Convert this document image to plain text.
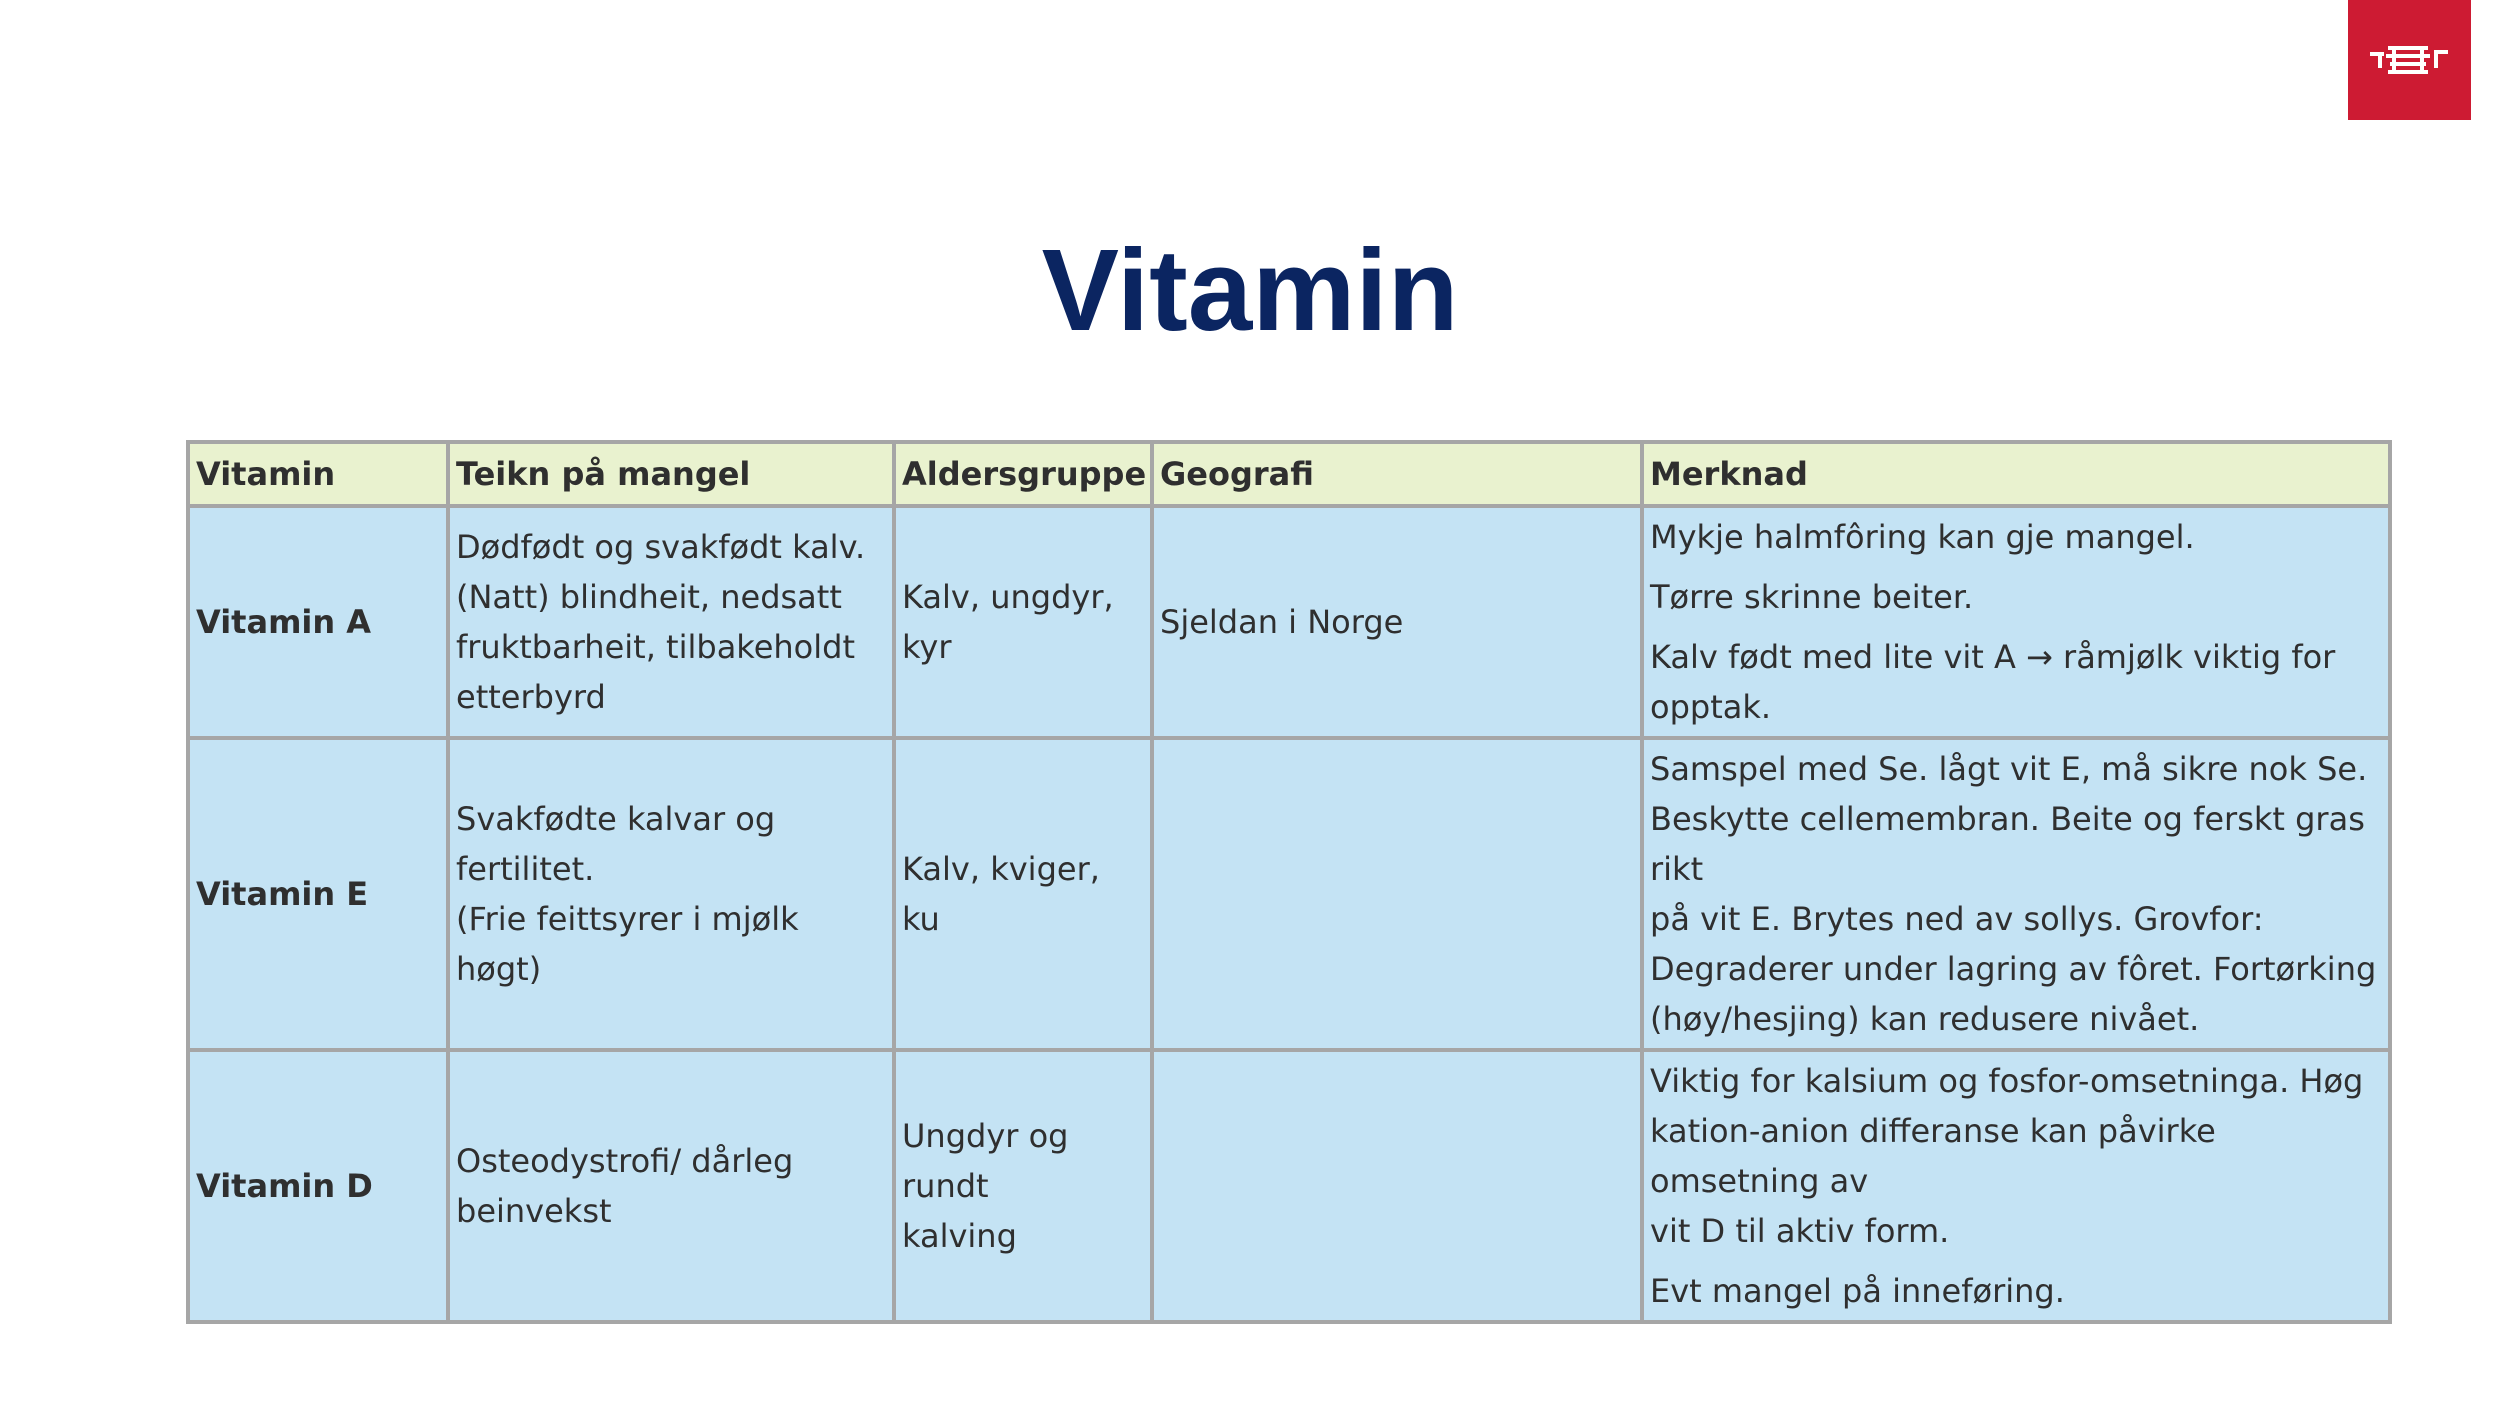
Vitamin
Vitamin	Teikn på mangel	Aldersgruppe	Geografi	Merknad
Vitamin A	Dødfødt og svakfødt kalv.
(Natt) blindheit, nedsatt
fruktbarheit, tilbakeholdt
etterbyrd	Kalv, ungdyr, kyr	Sjeldan i Norge	Mykje halmfôring kan gje mangel.
Tørre skrinne beiter.
Kalv født med lite vit A → råmjølk viktig for
opptak.

Vitamin E	Svakfødte kalvar og fertilitet.
(Frie feittsyrer i mjølk høgt)	Kalv, kviger, ku		Samspel med Se. lågt vit E, må sikre nok Se.
Beskytte cellemembran. Beite og ferskt gras rikt
på vit E. Brytes ned av sollys. Grovfor:
Degraderer under lagring av fôret. Fortørking
(høy/hesjing) kan redusere nivået.

Vitamin D	Osteodystrofi/ dårleg
beinvekst	Ungdyr og rundt
kalving		Viktig for kalsium og fosfor-omsetninga. Høg
kation-anion differanse kan påvirke omsetning av
vit D til aktiv form.
Evt mangel på inneføring.
